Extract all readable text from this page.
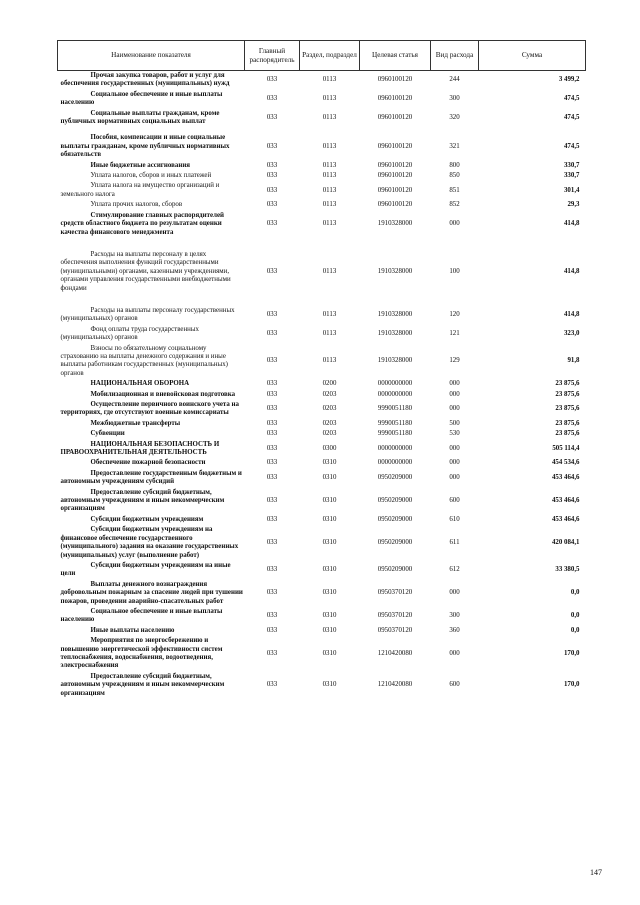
Наименование показателя	Главный распорядитель	Раздел, подраздел	Целевая статья	Вид расхода	Сумма
Прочая закупка товаров, работ и услуг для обеспечения государственных (муниципальных) нужд	033	0113	0960100120	244	3 499,2
Социальное обеспечение и иные выплаты населению	033	0113	0960100120	300	474,5
Социальные выплаты гражданам, кроме публичных нормативных социальных выплат	033	0113	0960100120	320	474,5

Пособия, компенсации и иные социальные выплаты гражданам, кроме публичных нормативных обязательств	033	0113	0960100120	321	474,5
Иные бюджетные ассигнования	033	0113	0960100120	800	330,7
Уплата налогов, сборов и иных платежей	033	0113	0960100120	850	330,7
Уплата налога на имущество организаций и земельного налога	033	0113	0960100120	851	301,4
Уплата прочих налогов, сборов	033	0113	0960100120	852	29,3
Стимулирование главных распорядителей средств областного бюджета по результатам оценки качества финансового менеджмента	033	0113	1910328000	000	414,8

Расходы на выплаты персоналу в целях обеспечения выполнения функций государственными (муниципальными) органами, казенными учреждениями, органами управления государственными внебюджетными фондами	033	0113	1910328000	100	414,8

Расходы на выплаты персоналу государственных (муниципальных) органов	033	0113	1910328000	120	414,8
Фонд оплаты труда государственных (муниципальных) органов	033	0113	1910328000	121	323,0
Взносы по обязательному социальному страхованию на выплаты денежного содержания и иные выплаты работникам государственных (муниципальных) органов	033	0113	1910328000	129	91,8
НАЦИОНАЛЬНАЯ ОБОРОНА	033	0200	0000000000	000	23 875,6
Мобилизационная и вневойсковая подготовка	033	0203	0000000000	000	23 875,6
Осуществление первичного воинского учета на территориях, где отсутствуют военные комиссариаты	033	0203	9990051180	000	23 875,6
Межбюджетные трансферты	033	0203	9990051180	500	23 875,6
Субвенции	033	0203	9990051180	530	23 875,6
НАЦИОНАЛЬНАЯ БЕЗОПАСНОСТЬ И ПРАВООХРАНИТЕЛЬНАЯ ДЕЯТЕЛЬНОСТЬ	033	0300	0000000000	000	505 114,4
Обеспечение пожарной безопасности	033	0310	0000000000	000	454 534,6
Предоставление государственным бюджетным и автономным учреждениям субсидий	033	0310	0950209000	000	453 464,6
Предоставление субсидий бюджетным, автономным учреждениям и иным некоммерческим организациям	033	0310	0950209000	600	453 464,6
Субсидии бюджетным учреждениям	033	0310	0950209000	610	453 464,6
Субсидии бюджетным учреждениям на финансовое обеспечение государственного (муниципального) задания на оказание государственных (муниципальных) услуг (выполнение работ)	033	0310	0950209000	611	420 084,1
Субсидии бюджетным учреждениям на иные цели	033	0310	0950209000	612	33 380,5
Выплаты денежного вознаграждения добровольным пожарным за спасение людей при тушении пожаров, проведении аварийно-спасательных работ	033	0310	0950370120	000	0,0
Социальное обеспечение и иные выплаты населению	033	0310	0950370120	300	0,0
Иные выплаты населению	033	0310	0950370120	360	0,0
Мероприятия по энергосбережению и повышению энергетической эффективности систем теплоснабжения, водоснабжения, водоотведения, электроснабжения	033	0310	1210420080	000	170,0
Предоставление субсидий бюджетным, автономным учреждениям и иным некоммерческим организациям	033	0310	1210420080	600	170,0
147
